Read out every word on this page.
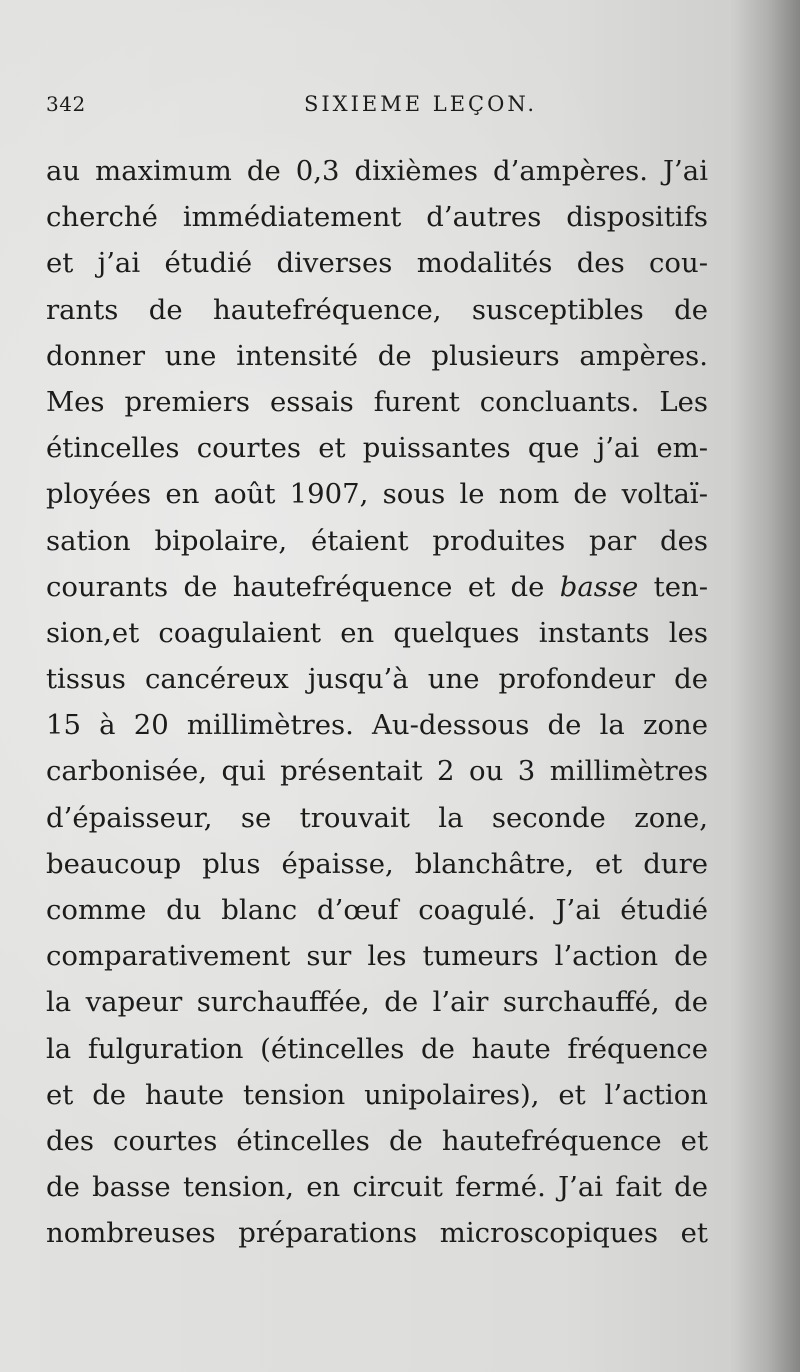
342	SIXIEME LEÇON.
au maximum de 0,3 dixièmes d’ampères. J’ai
cherché immédiatement d’autres dispositifs
et j’ai étudié diverses modalités des cou-
rants de hautefréquence, susceptibles de
donner une intensité de plusieurs ampères.
Mes premiers essais furent concluants. Les
étincelles courtes et puissantes que j’ai em-
ployées en août 1907, sous le nom de voltaï-
sation bipolaire, étaient produites par des
courants de hautefréquence et de basse ten-
sion,et coagulaient en quelques instants les
tissus cancéreux jusqu’à une profondeur de
15 à 20 millimètres. Au-dessous de la zone
carbonisée, qui présentait 2 ou 3 millimètres
d’épaisseur, se trouvait la seconde zone,
beaucoup plus épaisse, blanchâtre, et dure
comme du blanc d’œuf coagulé. J’ai étudié
comparativement sur les tumeurs l’action de
la vapeur surchauffée, de l’air surchauffé, de
la fulguration (étincelles de haute fréquence
et de haute tension unipolaires), et l’action
des courtes étincelles de hautefréquence et
de basse tension, en circuit fermé. J’ai fait de
nombreuses préparations microscopiques et
